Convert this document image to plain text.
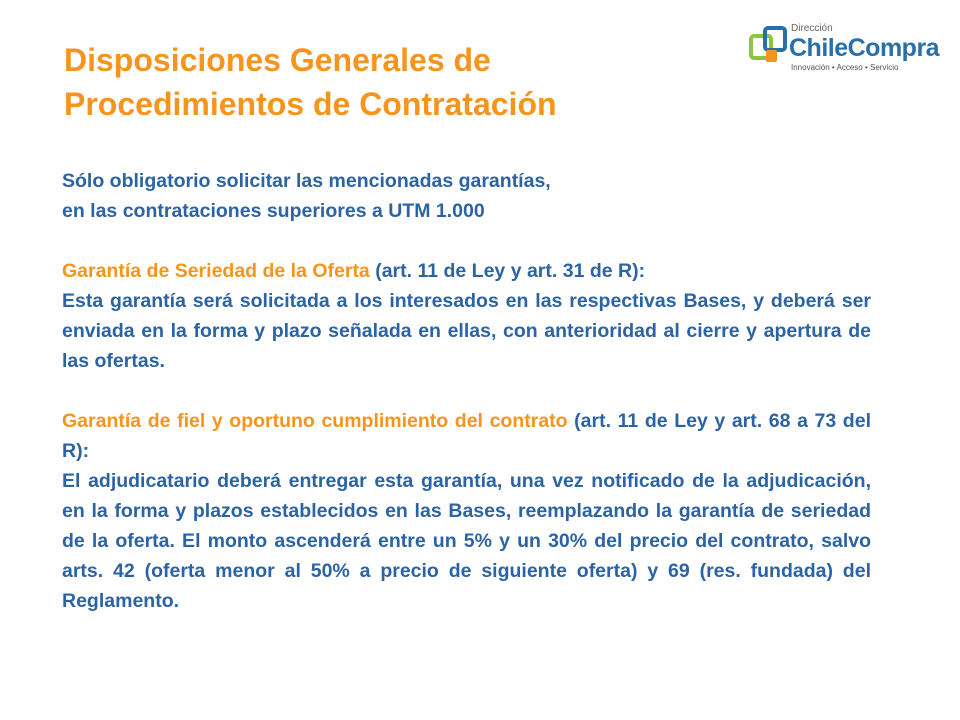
Disposiciones Generales de
Procedimientos de Contratación
Dirección
ChileCompra
Innovación • Acceso • Servicio

Sólo obligatorio solicitar las mencionadas garantías,
en las contrataciones superiores a UTM 1.000

Garantía de Seriedad de la Oferta (art. 11 de Ley y art. 31 de R):

Esta garantía será solicitada a los interesados en las respectivas Bases, y deberá ser enviada en la forma y plazo señalada en ellas, con anterioridad al cierre y apertura de las ofertas.

Garantía de fiel y oportuno cumplimiento del contrato (art. 11 de Ley y art. 68 a 73 del R):

El adjudicatario deberá entregar esta garantía, una vez notificado de la adjudicación, en la forma y plazos establecidos en las Bases, reemplazando la garantía de seriedad de la oferta. El monto ascenderá entre un 5% y un 30% del precio del contrato, salvo arts. 42 (oferta menor al 50% a precio de siguiente oferta) y 69 (res. fundada) del Reglamento.
